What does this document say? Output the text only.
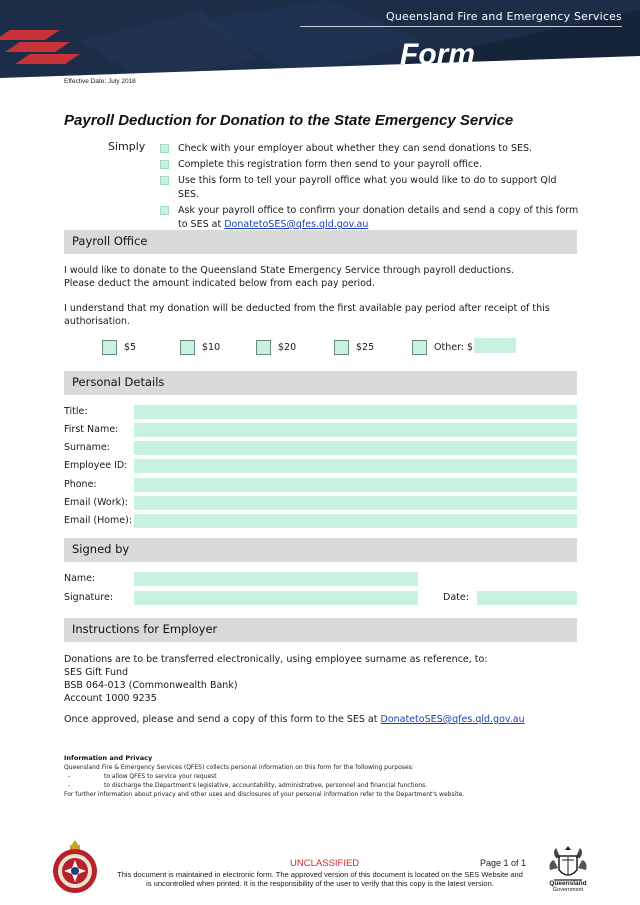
Queensland Fire and Emergency Services
Form
Effective Date: July 2018
Payroll Deduction for Donation to the State Emergency Service
Simply	Check with your employer about whether they can send donations to SES.
Complete this registration form then send to your payroll office.
Use this form to tell your payroll office what you would like to do to support Qld SES.
Ask your payroll office to confirm your donation details and send a copy of this form to SES at DonatetoSES@qfes.qld.gov.au
Payroll Office
I would like to donate to the Queensland State Emergency Service through payroll deductions.
Please deduct the amount indicated below from each pay period.
I understand that my donation will be deducted from the first available pay period after receipt of this
authorisation.
$5	$10	$20	$25	Other: $
Personal Details
Title:
First Name:
Surname:
Employee ID:
Phone:
Email (Work):
Email (Home):
Signed by
Name:
Signature:	Date:
Instructions for Employer
Donations are to be transferred electronically, using employee surname as reference, to:
SES Gift Fund
BSB 064-013 (Commonwealth Bank)
Account 1000 9235
Once approved, please and send a copy of this form to the SES at DonatetoSES@qfes.qld.gov.au
Information and Privacy
Queensland Fire & Emergency Services (QFES) collects personal information on this form for the following purposes:
- to allow QFES to service your request
- to discharge the Department's legislative, accountability, administrative, personnel and financial functions.
For further information about privacy and other uses and disclosures of your personal information refer to the Department's website.
UNCLASSIFIED	Page 1 of 1
This document is maintained in electronic form. The approved version of this document is located on the SES Website and
is uncontrolled when printed. It is the responsibility of the user to verify that this copy is the latest version.	Queensland
Government
